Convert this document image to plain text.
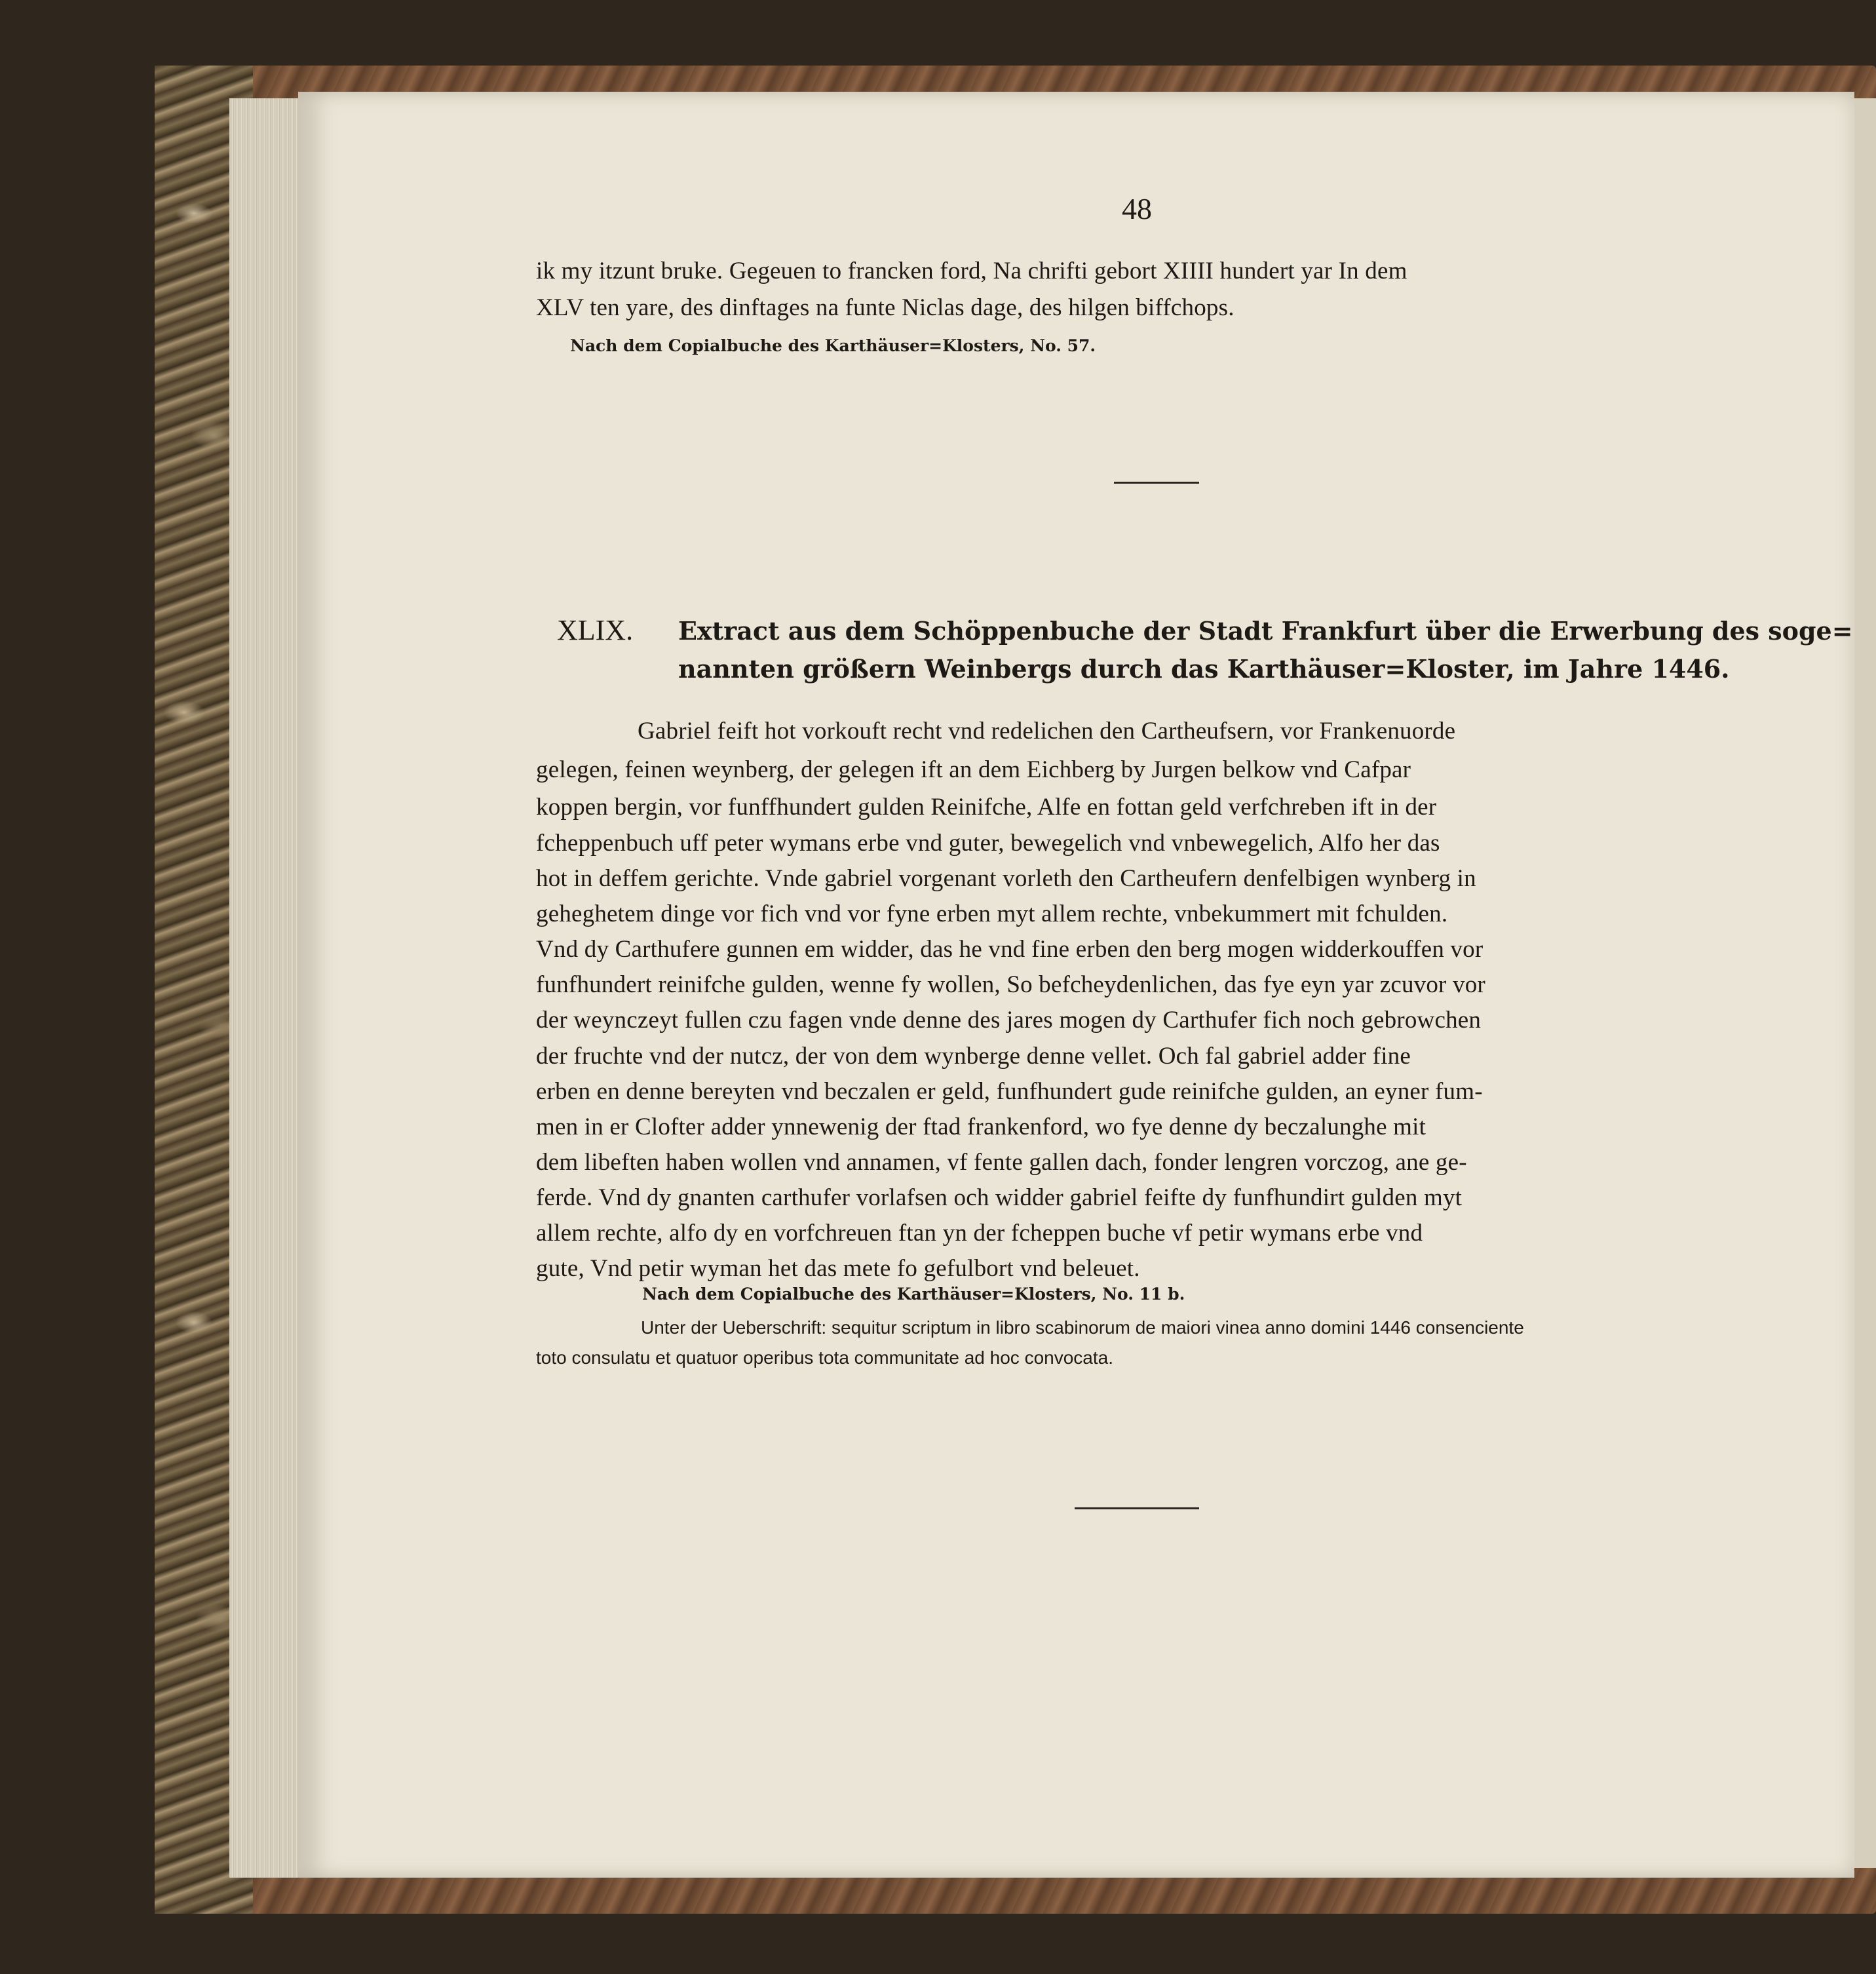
48
ik my itzunt bruke. Gegeuen to francken ford, Na chrifti gebort XIIII hundert yar In dem
XLV ten yare, des dinftages na funte Niclas dage, des hilgen biffchops.
Nach dem Copialbuche des Karthäuser=Klosters, No. 57.
XLIX. Extract aus dem Schöppenbuche der Stadt Frankfurt über die Erwerbung des soge=
nannten größern Weinbergs durch das Karthäuser=Kloster, im Jahre 1446.
Gabriel feift hot vorkouft recht vnd redelichen den Cartheufsern, vor Frankenuorde
gelegen, feinen weynberg, der gelegen ift an dem Eichberg by Jurgen belkow vnd Cafpar
koppen bergin, vor funffhundert gulden Reinifche, Alfe en fottan geld verfchreben ift in der
fcheppenbuch uff peter wymans erbe vnd guter, bewegelich vnd vnbewegelich, Alfo her das
hot in deffem gerichte. Vnde gabriel vorgenant vorleth den Cartheufern denfelbigen wynberg in
geheghetem dinge vor fich vnd vor fyne erben myt allem rechte, vnbekummert mit fchulden.
Vnd dy Carthufere gunnen em widder, das he vnd fine erben den berg mogen widderkouffen vor
funfhundert reinifche gulden, wenne fy wollen, So befcheydenlichen, das fye eyn yar zcuvor vor
der weynczeyt fullen czu fagen vnde denne des jares mogen dy Carthufer fich noch gebrowchen
der fruchte vnd der nutcz, der von dem wynberge denne vellet. Och fal gabriel adder fine
erben en denne bereyten vnd beczalen er geld, funfhundert gude reinifche gulden, an eyner fum-
men in er Clofter adder ynnewenig der ftad frankenford, wo fye denne dy beczalunghe mit
dem libeften haben wollen vnd annamen, vf fente gallen dach, fonder lengren vorczog, ane ge-
ferde. Vnd dy gnanten carthufer vorlafsen och widder gabriel feifte dy funfhundirt gulden myt
allem rechte, alfo dy en vorfchreuen ftan yn der fcheppen buche vf petir wymans erbe vnd
gute, Vnd petir wyman het das mete fo gefulbort vnd beleuet.
Nach dem Copialbuche des Karthäuser=Klosters, No. 11 b.
Unter der Ueberschrift: sequitur scriptum in libro scabinorum de maiori vinea anno domini 1446 consenciente
toto consulatu et quatuor operibus tota communitate ad hoc convocata.
